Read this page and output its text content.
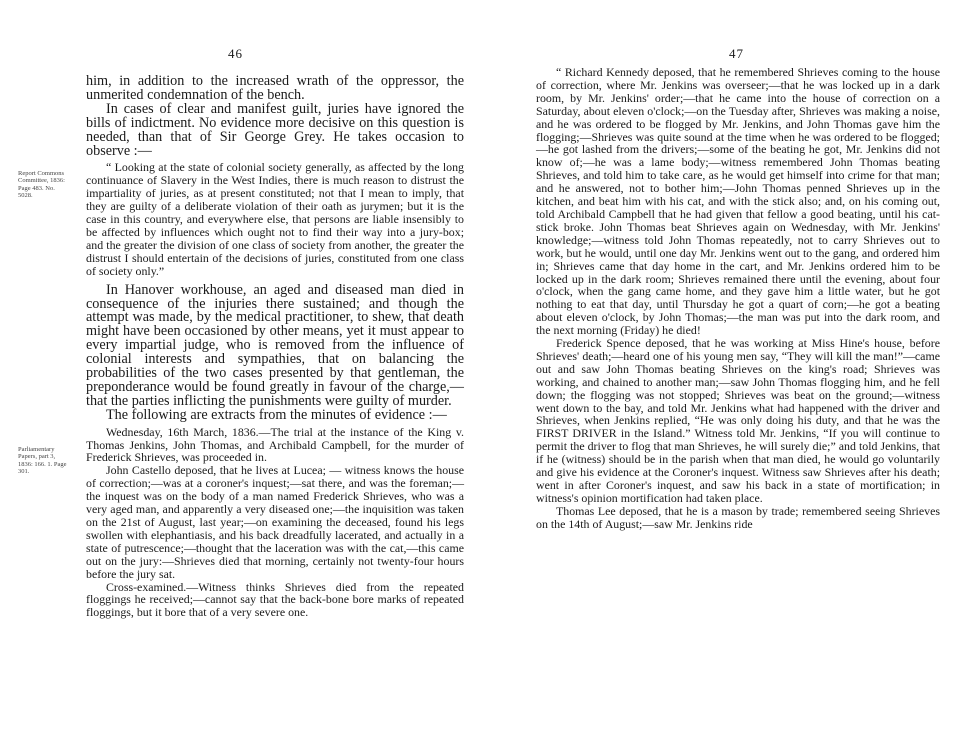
46
Report Commons Committee, 1836: Page 483. No. 5028.
Parliamentary Papers, part 3, 1836: 166. 1. Page 301.

him, in addition to the increased wrath of the oppressor, the unmerited condemnation of the bench.

In cases of clear and manifest guilt, juries have ignored the bills of indictment. No evidence more decisive on this question is needed, than that of Sir George Grey. He takes occasion to observe :—

“ Looking at the state of colonial society generally, as affected by the long continuance of Slavery in the West Indies, there is much reason to distrust the impartiality of juries, as at present constituted; not that I mean to imply, that they are guilty of a deliberate violation of their oath as jurymen; but it is the case in this country, and everywhere else, that persons are liable insensibly to be affected by influences which ought not to find their way into a jury-box; and the greater the division of one class of society from another, the greater the distrust I should entertain of the decisions of juries, constituted from one class of society only.”

In Hanover workhouse, an aged and diseased man died in consequence of the injuries there sustained; and though the attempt was made, by the medical practitioner, to shew, that death might have been occasioned by other means, yet it must appear to every impartial judge, who is removed from the influence of colonial interests and sympathies, that on balancing the probabilities of the two cases presented by that gentleman, the preponderance would be found greatly in favour of the charge,—that the parties inflicting the punishments were guilty of murder.

The following are extracts from the minutes of evidence :—

Wednesday, 16th March, 1836.—The trial at the instance of the King v. Thomas Jenkins, John Thomas, and Archibald Campbell, for the murder of Frederick Shrieves, was proceeded in.

John Castello deposed, that he lives at Lucea; — witness knows the house of correction;—was at a coroner's inquest;—sat there, and was the foreman;—the inquest was on the body of a man named Frederick Shrieves, who was a very aged man, and apparently a very diseased one;—the inquisition was taken on the 21st of August, last year;—on examining the deceased, found his legs swollen with elephantiasis, and his back dreadfully lacerated, and actually in a state of putrescence;—thought that the laceration was with the cat,—this came out on the jury:—Shrieves died that morning, certainly not twenty-four hours before the jury sat.

Cross-examined.—Witness thinks Shrieves died from the repeated floggings he received;—cannot say that the back-bone bore marks of repeated floggings, but it bore that of a very severe one.

47

“ Richard Kennedy deposed, that he remembered Shrieves coming to the house of correction, where Mr. Jenkins was overseer;—that he was locked up in a dark room, by Mr. Jenkins' order;—that he came into the house of correction on a Saturday, about eleven o'clock;—on the Tuesday after, Shrieves was making a noise, and he was ordered to be flogged by Mr. Jenkins, and John Thomas gave him the flogging;—Shrieves was quite sound at the time when he was ordered to be flogged;—he got lashed from the drivers;—some of the beating he got, Mr. Jenkins did not know of;—he was a lame body;—witness remembered John Thomas beating Shrieves, and told him to take care, as he would get himself into crime for that man; and he answered, not to bother him;—John Thomas penned Shrieves up in the kitchen, and beat him with his cat, and with the stick also; and, on his coming out, told Archibald Campbell that he had given that fellow a good beating, until his cat-stick broke. John Thomas beat Shrieves again on Wednesday, with Mr. Jenkins' knowledge;—witness told John Thomas repeatedly, not to carry Shrieves out to work, but he would, until one day Mr. Jenkins went out to the gang, and ordered him in; Shrieves came that day home in the cart, and Mr. Jenkins ordered him to be locked up in the dark room; Shrieves remained there until the evening, about four o'clock, when the gang came home, and they gave him a little water, but he got nothing to eat that day, until Thursday he got a quart of corn;—he got a beating about eleven o'clock, by John Thomas;—the man was put into the dark room, and the next morning (Friday) he died!

Frederick Spence deposed, that he was working at Miss Hine's house, before Shrieves' death;—heard one of his young men say, “They will kill the man!”—came out and saw John Thomas beating Shrieves on the king's road; Shrieves was working, and chained to another man;—saw John Thomas flogging him, and he fell down; the flogging was not stopped; Shrieves was beat on the ground;—witness went down to the bay, and told Mr. Jenkins what had happened with the driver and Shrieves, when Jenkins replied, “He was only doing his duty, and that he was the FIRST DRIVER in the Island.” Witness told Mr. Jenkins, “If you will continue to permit the driver to flog that man Shrieves, he will surely die;” and told Jenkins, that if he (witness) should be in the parish when that man died, he would go voluntarily and give his evidence at the Coroner's inquest. Witness saw Shrieves after his death; went in after Coroner's inquest, and saw his back in a state of mortification; in witness's opinion mortification had taken place.

Thomas Lee deposed, that he is a mason by trade; remembered seeing Shrieves on the 14th of August;—saw Mr. Jenkins ride
